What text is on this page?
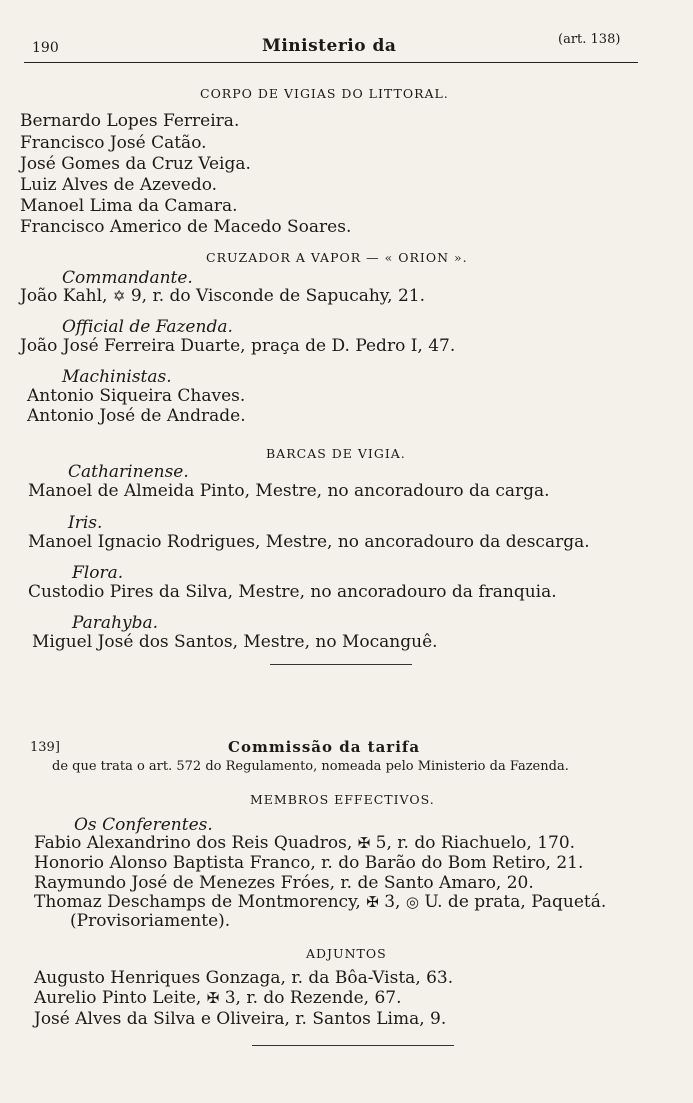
190	Ministerio da	(art. 138)
CORPO DE VIGIAS DO LITTORAL.
Bernardo Lopes Ferreira.
Francisco José Catão.
José Gomes da Cruz Veiga.
Luiz Alves de Azevedo.
Manoel Lima da Camara.
Francisco Americo de Macedo Soares.
CRUZADOR A VAPOR — « ORION ».
Commandante.
João Kahl, ✡ 9, r. do Visconde de Sapucahy, 21.
Official de Fazenda.
João José Ferreira Duarte, praça de D. Pedro I, 47.
Machinistas.
Antonio Siqueira Chaves.
Antonio José de Andrade.
BARCAS DE VIGIA.
Catharinense.
Manoel de Almeida Pinto, Mestre, no ancoradouro da carga.
Iris.
Manoel Ignacio Rodrigues, Mestre, no ancoradouro da descarga.
Flora.
Custodio Pires da Silva, Mestre, no ancoradouro da franquia.
Parahyba.
Miguel José dos Santos, Mestre, no Mocanguê.
139]	Commissão da tarifa
de que trata o art. 572 do Regulamento, nomeada pelo Ministerio da Fazenda.
MEMBROS EFFECTIVOS.
Os Conferentes.
Fabio Alexandrino dos Reis Quadros, ✠ 5, r. do Riachuelo, 170.
Honorio Alonso Baptista Franco, r. do Barão do Bom Retiro, 21.
Raymundo José de Menezes Fróes, r. de Santo Amaro, 20.
Thomaz Deschamps de Montmorency, ✠ 3, ◎ U. de prata, Paquetá.
(Provisoriamente).
ADJUNTOS
Augusto Henriques Gonzaga, r. da Bôa-Vista, 63.
Aurelio Pinto Leite, ✠ 3, r. do Rezende, 67.
José Alves da Silva e Oliveira, r. Santos Lima, 9.
